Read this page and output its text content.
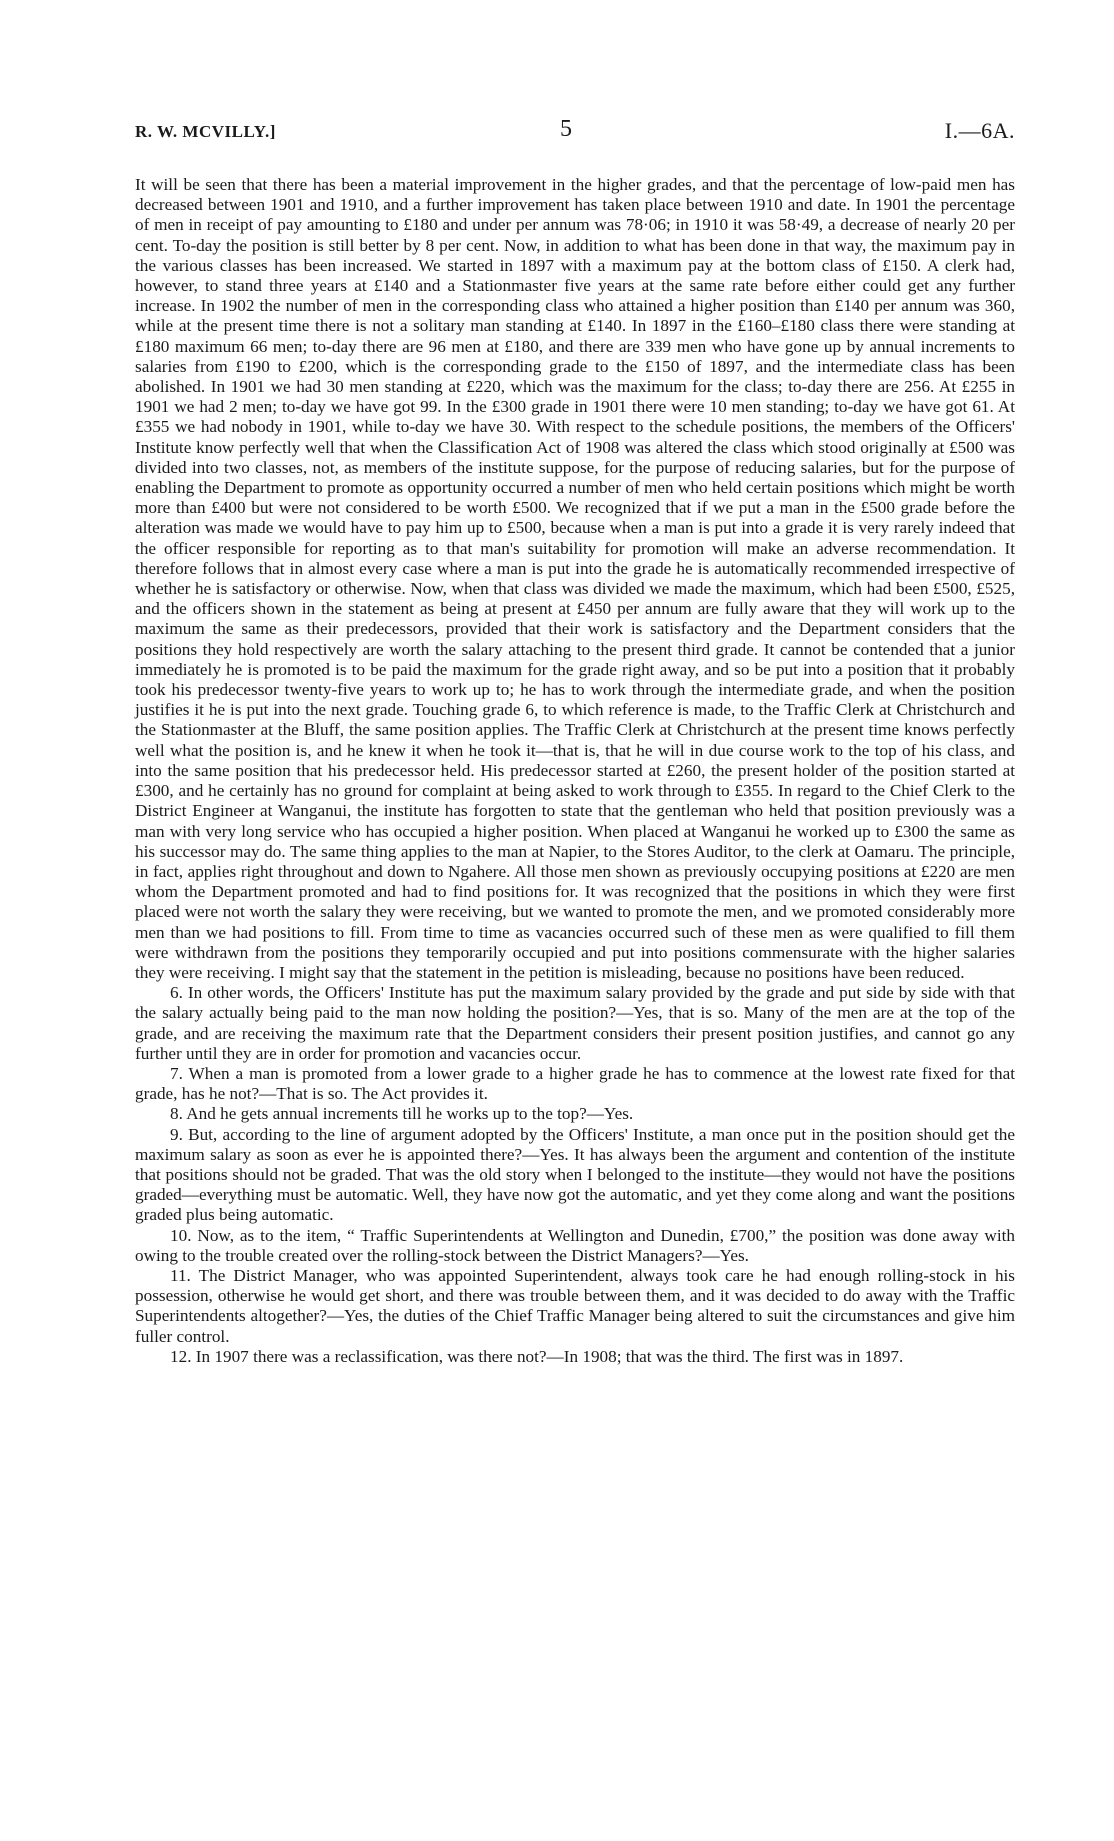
R. W. MCVILLY.]	5	I.—6A.

It will be seen that there has been a material improvement in the higher grades, and that the percentage of low-paid men has decreased between 1901 and 1910, and a further improvement has taken place between 1910 and date. In 1901 the percentage of men in receipt of pay amounting to £180 and under per annum was 78·06; in 1910 it was 58·49, a decrease of nearly 20 per cent. To-day the position is still better by 8 per cent. Now, in addition to what has been done in that way, the maximum pay in the various classes has been increased. We started in 1897 with a maximum pay at the bottom class of £150. A clerk had, however, to stand three years at £140 and a Stationmaster five years at the same rate before either could get any further increase. In 1902 the number of men in the corresponding class who attained a higher position than £140 per annum was 360, while at the present time there is not a solitary man standing at £140. In 1897 in the £160–£180 class there were standing at £180 maximum 66 men; to-day there are 96 men at £180, and there are 339 men who have gone up by annual increments to salaries from £190 to £200, which is the corresponding grade to the £150 of 1897, and the intermediate class has been abolished. In 1901 we had 30 men standing at £220, which was the maximum for the class; to-day there are 256. At £255 in 1901 we had 2 men; to-day we have got 99. In the £300 grade in 1901 there were 10 men standing; to-day we have got 61. At £355 we had nobody in 1901, while to-day we have 30. With respect to the schedule positions, the members of the Officers' Institute know perfectly well that when the Classification Act of 1908 was altered the class which stood originally at £500 was divided into two classes, not, as members of the institute suppose, for the purpose of reducing salaries, but for the purpose of enabling the Department to promote as opportunity occurred a number of men who held certain positions which might be worth more than £400 but were not considered to be worth £500. We recognized that if we put a man in the £500 grade before the alteration was made we would have to pay him up to £500, because when a man is put into a grade it is very rarely indeed that the officer responsible for reporting as to that man's suitability for promotion will make an adverse recommendation. It therefore follows that in almost every case where a man is put into the grade he is automatically recommended irrespective of whether he is satisfactory or otherwise. Now, when that class was divided we made the maximum, which had been £500, £525, and the officers shown in the statement as being at present at £450 per annum are fully aware that they will work up to the maximum the same as their predecessors, provided that their work is satisfactory and the Department considers that the positions they hold respectively are worth the salary attaching to the present third grade. It cannot be contended that a junior immediately he is promoted is to be paid the maximum for the grade right away, and so be put into a position that it probably took his predecessor twenty-five years to work up to; he has to work through the intermediate grade, and when the position justifies it he is put into the next grade. Touching grade 6, to which reference is made, to the Traffic Clerk at Christchurch and the Stationmaster at the Bluff, the same position applies. The Traffic Clerk at Christchurch at the present time knows perfectly well what the position is, and he knew it when he took it—that is, that he will in due course work to the top of his class, and into the same position that his predecessor held. His predecessor started at £260, the present holder of the position started at £300, and he certainly has no ground for complaint at being asked to work through to £355. In regard to the Chief Clerk to the District Engineer at Wanganui, the institute has forgotten to state that the gentleman who held that position previously was a man with very long service who has occupied a higher position. When placed at Wanganui he worked up to £300 the same as his successor may do. The same thing applies to the man at Napier, to the Stores Auditor, to the clerk at Oamaru. The principle, in fact, applies right throughout and down to Ngahere. All those men shown as previously occupying positions at £220 are men whom the Department promoted and had to find positions for. It was recognized that the positions in which they were first placed were not worth the salary they were receiving, but we wanted to promote the men, and we promoted considerably more men than we had positions to fill. From time to time as vacancies occurred such of these men as were qualified to fill them were withdrawn from the positions they temporarily occupied and put into positions commensurate with the higher salaries they were receiving. I might say that the statement in the petition is misleading, because no positions have been reduced.

6. In other words, the Officers' Institute has put the maximum salary provided by the grade and put side by side with that the salary actually being paid to the man now holding the position?—Yes, that is so. Many of the men are at the top of the grade, and are receiving the maximum rate that the Department considers their present position justifies, and cannot go any further until they are in order for promotion and vacancies occur.

7. When a man is promoted from a lower grade to a higher grade he has to commence at the lowest rate fixed for that grade, has he not?—That is so. The Act provides it.

8. And he gets annual increments till he works up to the top?—Yes.

9. But, according to the line of argument adopted by the Officers' Institute, a man once put in the position should get the maximum salary as soon as ever he is appointed there?—Yes. It has always been the argument and contention of the institute that positions should not be graded. That was the old story when I belonged to the institute—they would not have the positions graded—everything must be automatic. Well, they have now got the automatic, and yet they come along and want the positions graded plus being automatic.

10. Now, as to the item, “ Traffic Superintendents at Wellington and Dunedin, £700,” the position was done away with owing to the trouble created over the rolling-stock between the District Managers?—Yes.

11. The District Manager, who was appointed Superintendent, always took care he had enough rolling-stock in his possession, otherwise he would get short, and there was trouble between them, and it was decided to do away with the Traffic Superintendents altogether?—Yes, the duties of the Chief Traffic Manager being altered to suit the circumstances and give him fuller control.

12. In 1907 there was a reclassification, was there not?—In 1908; that was the third. The first was in 1897.
